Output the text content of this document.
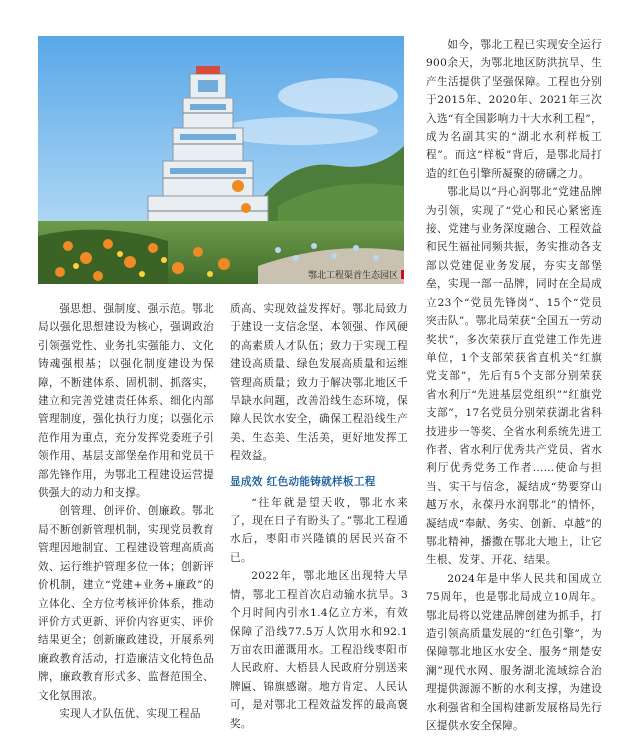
鄂北工程渠首生态园区

强思想、强制度、强示范。鄂北局以强化思想建设为核心，强调政治引领强党性、业务扎实强能力、文化铸魂强根基；以强化制度建设为保障，不断建体系、固机制、抓落实，建立和完善党建责任体系、细化内部管理制度，强化执行力度；以强化示范作用为重点，充分发挥党委班子引领作用、基层支部堡垒作用和党员干部先锋作用，为鄂北工程建设运营提供强大的动力和支撑。

创管理、创评价、创廉政。鄂北局不断创新管理机制，实现党员教育管理因地制宜、工程建设管理高质高效、运行维护管理多位一体；创新评价机制，建立“党建+业务+廉政”的立体化、全方位考核评价体系，推动评价方式更新、评价内容更实、评价结果更全；创新廉政建设，开展系列廉政教育活动，打造廉洁文化特色品牌，廉政教育形式多、监督范围全、文化氛围浓。

实现人才队伍优、实现工程品

质高、实现效益发挥好。鄂北局致力于建设一支信念坚、本领强、作风硬的高素质人才队伍；致力于实现工程建设高质量、绿色发展高质量和运维管理高质量；致力于解决鄂北地区千旱缺水问题，改善沿线生态环境，保障人民饮水安全，确保工程沿线生产美、生态美、生活美，更好地发挥工程效益。

显成效 红色动能铸就样板工程

“往年就是望天收，鄂北水来了，现在日子有盼头了。”鄂北工程通水后，枣阳市兴隆镇的居民兴奋不已。

2022年，鄂北地区出现特大旱情，鄂北工程首次启动输水抗旱。3个月时间内引水1.4亿立方米，有效保障了沿线77.5万人饮用水和92.1万亩农田灌溉用水。工程沿线枣阳市人民政府、大梧县人民政府分别送来牌匾、锦旗感谢。地方肯定、人民认可，是对鄂北工程效益发挥的最高褒奖。

如今，鄂北工程已实现安全运行900余天，为鄂北地区防洪抗旱、生产生活提供了坚强保障。工程也分别于2015年、2020年、2021年三次入选“有全国影响力十大水利工程”，成为名副其实的“湖北水利样板工程”。而这“样板”背后，是鄂北局打造的红色引擎所凝聚的磅礴之力。

鄂北局以“丹心润鄂北”党建品牌为引领，实现了“党心和民心紧密连接、党建与业务深度融合、工程效益和民生福祉同频共振，务实推动各支部以党建促业务发展，夯实支部堡垒，实现一部一品牌，同时在全局成立23个“党员先锋岗”、15个“党员突击队”。鄂北局荣获“全国五一劳动奖状”，多次荣获厅直党建工作先进单位，1个支部荣获省直机关“红旗党支部”，先后有5个支部分别荣获省水利厅“先进基层党组织”“红旗党支部”，17名党员分别荣获湖北省科技进步一等奖、全省水利系统先进工作者、省水利厅优秀共产党员、省水利厅优秀党务工作者……使命与担当、实干与信念，凝结成“势要穿山越万水，永葆丹水润鄂北”的情怀，凝结成“奉献、务实、创新、卓越”的鄂北精神，播撒在鄂北大地上，让它生根、发芽、开花、结果。

2024年是中华人民共和国成立75周年，也是鄂北局成立10周年。鄂北局将以党建品牌创建为抓手，打造引领高质量发展的“红色引擎”，为保障鄂北地区水安全、服务“荆楚安澜”现代水网、服务湖北流域综合治理提供源源不断的水利支撑，为建设水利强省和全国构建新发展格局先行区提供水安全保障。
